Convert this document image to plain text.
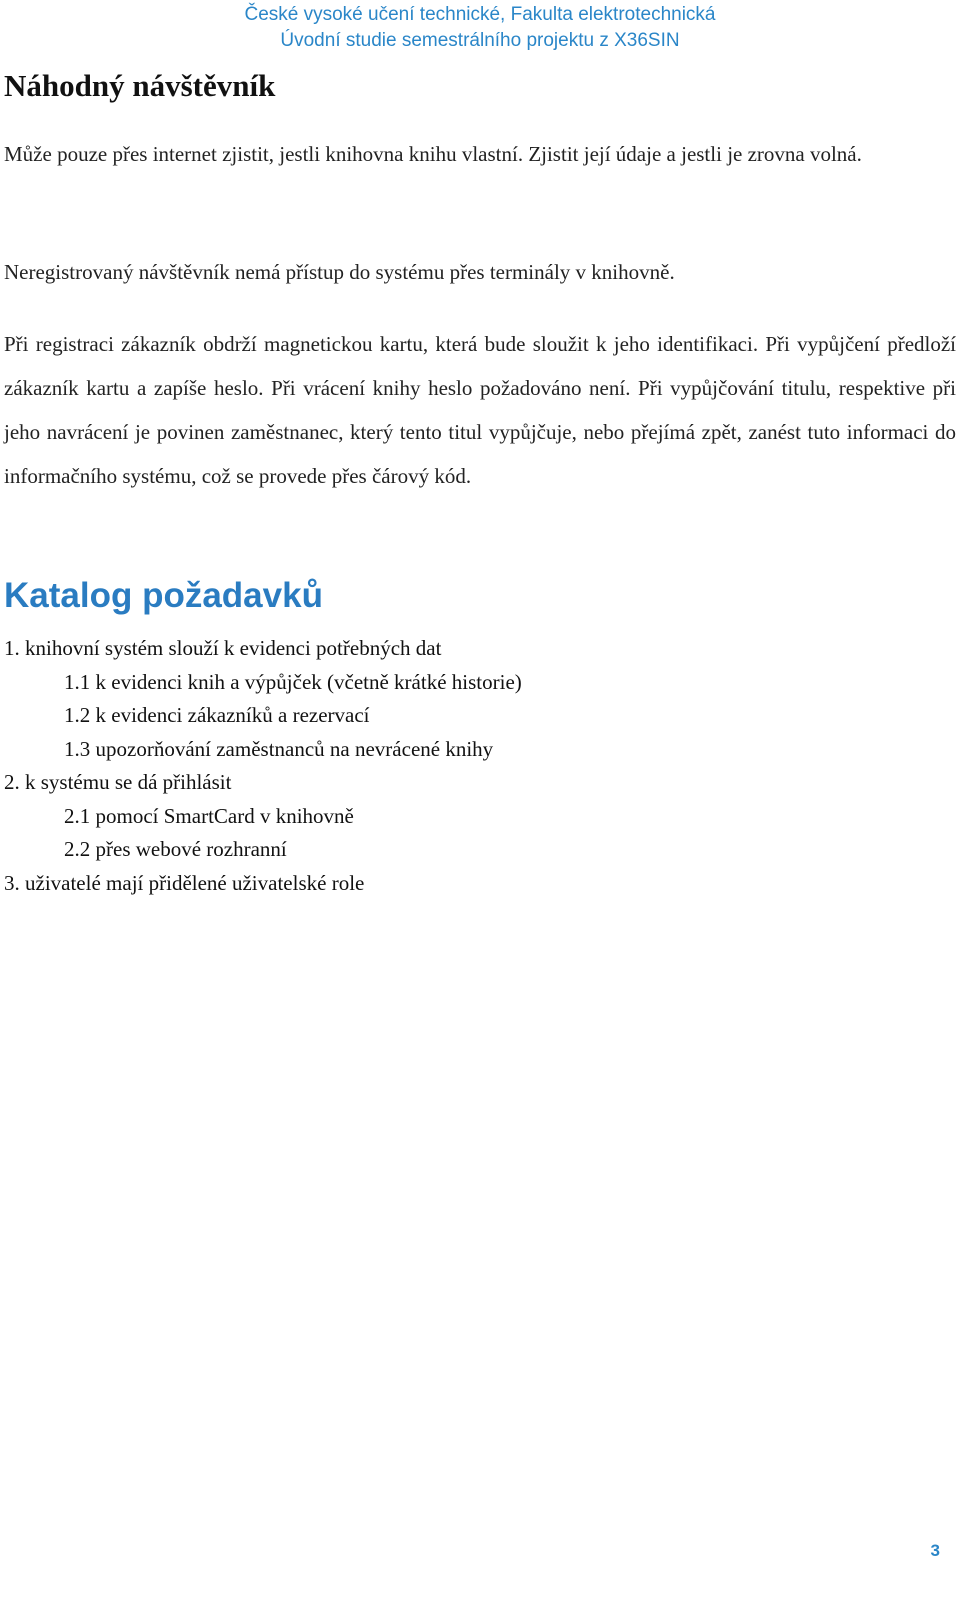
České vysoké učení technické, Fakulta elektrotechnická
Úvodní studie semestrálního projektu z X36SIN
Náhodný návštěvník

Může pouze přes internet zjistit, jestli knihovna knihu vlastní. Zjistit její údaje a jestli je zrovna volná.

Neregistrovaný návštěvník nemá přístup do systému přes terminály v knihovně.

Při registraci zákazník obdrží magnetickou kartu, která bude sloužit k jeho identifikaci. Při vypůjčení předloží zákazník kartu a zapíše heslo. Při vrácení knihy heslo požadováno není. Při vypůjčování titulu, respektive při jeho navrácení je povinen zaměstnanec, který tento titul vypůjčuje, nebo přejímá zpět, zanést tuto informaci do informačního systému, což se provede přes čárový kód.

Katalog požadavků
1. knihovní systém slouží k evidenci potřebných dat
1.1 k evidenci knih a výpůjček (včetně krátké historie)
1.2 k evidenci zákazníků a rezervací
1.3 upozorňování zaměstnanců na nevrácené knihy
2. k systému se dá přihlásit
2.1 pomocí SmartCard v knihovně
2.2 přes webové rozhranní
3. uživatelé mají přidělené uživatelské role
3
